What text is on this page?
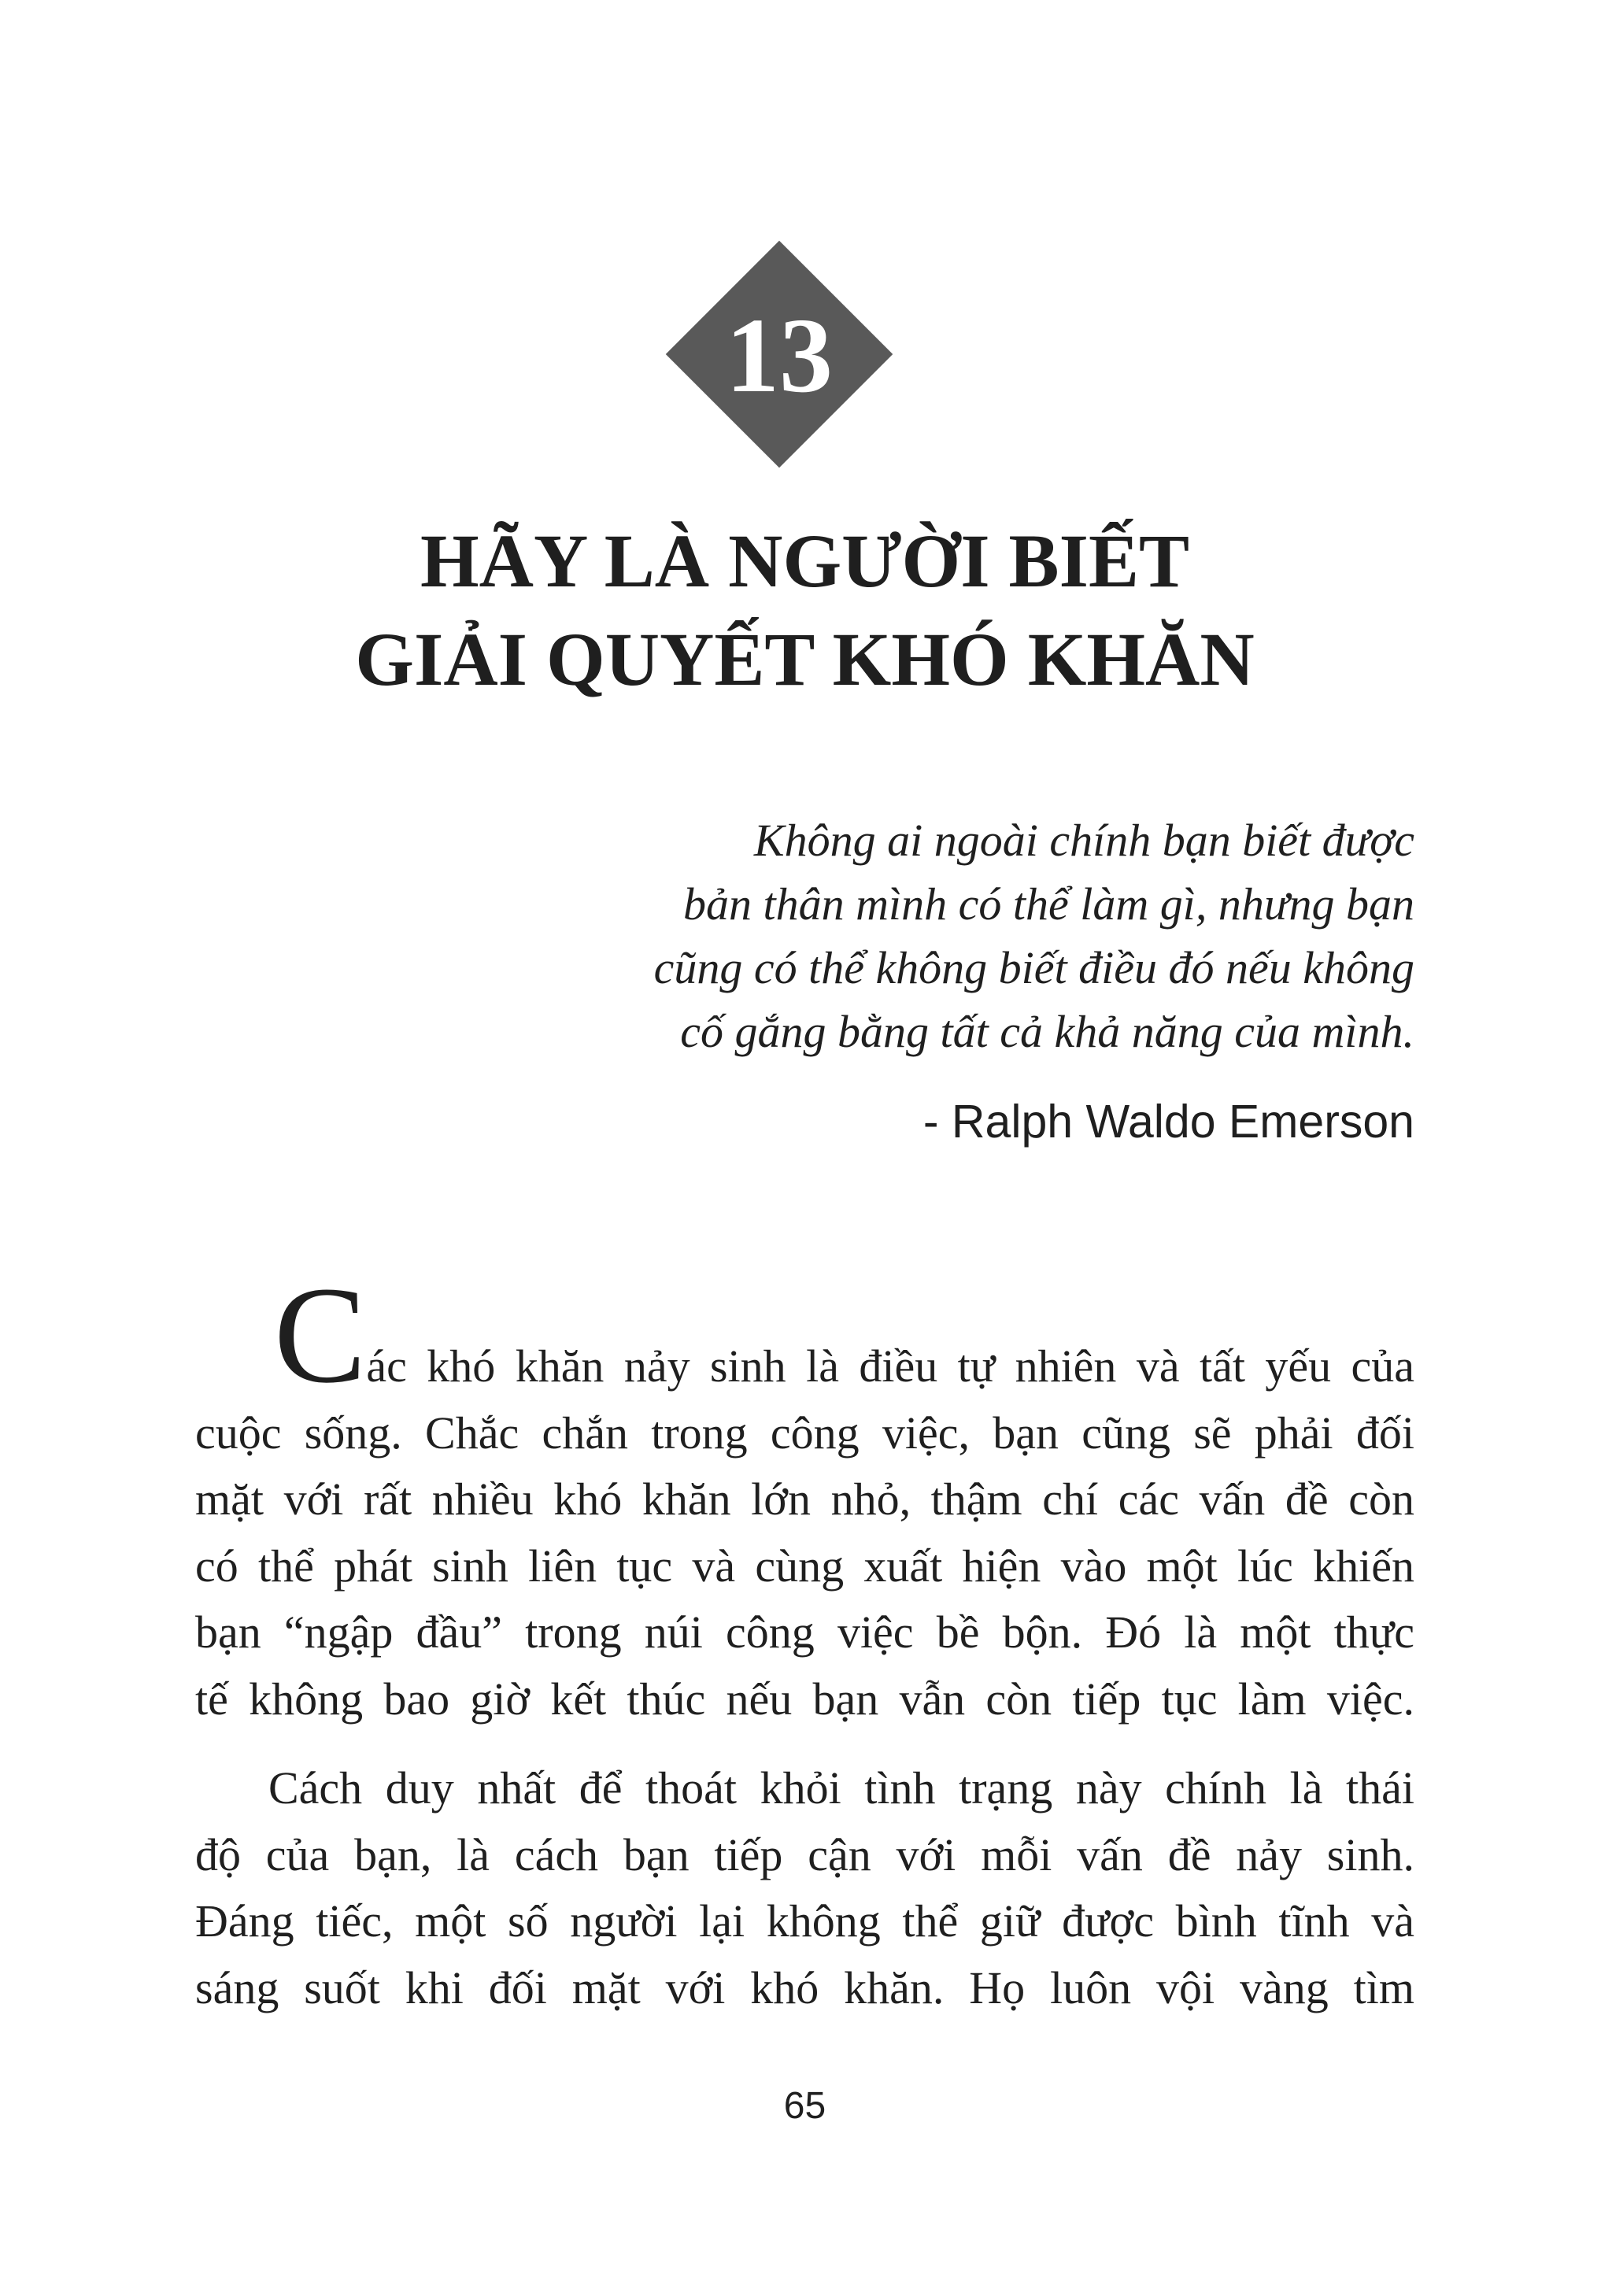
13
HÃY LÀ NGƯỜI BIẾT
GIẢI QUYẾT KHÓ KHĂN
Không ai ngoài chính bạn biết được
bản thân mình có thể làm gì, nhưng bạn
cũng có thể không biết điều đó nếu không
cố gắng bằng tất cả khả năng của mình.
- Ralph Waldo Emerson
Các khó khăn nảy sinh là điều tự nhiên và tất yếu của
cuộc sống. Chắc chắn trong công việc, bạn cũng sẽ phải đối
mặt với rất nhiều khó khăn lớn nhỏ, thậm chí các vấn đề còn
có thể phát sinh liên tục và cùng xuất hiện vào một lúc khiến
bạn “ngập đầu” trong núi công việc bề bộn. Đó là một thực
tế không bao giờ kết thúc nếu bạn vẫn còn tiếp tục làm việc.
Cách duy nhất để thoát khỏi tình trạng này chính là thái
độ của bạn, là cách bạn tiếp cận với mỗi vấn đề nảy sinh.
Đáng tiếc, một số người lại không thể giữ được bình tĩnh và
sáng suốt khi đối mặt với khó khăn. Họ luôn vội vàng tìm
65
